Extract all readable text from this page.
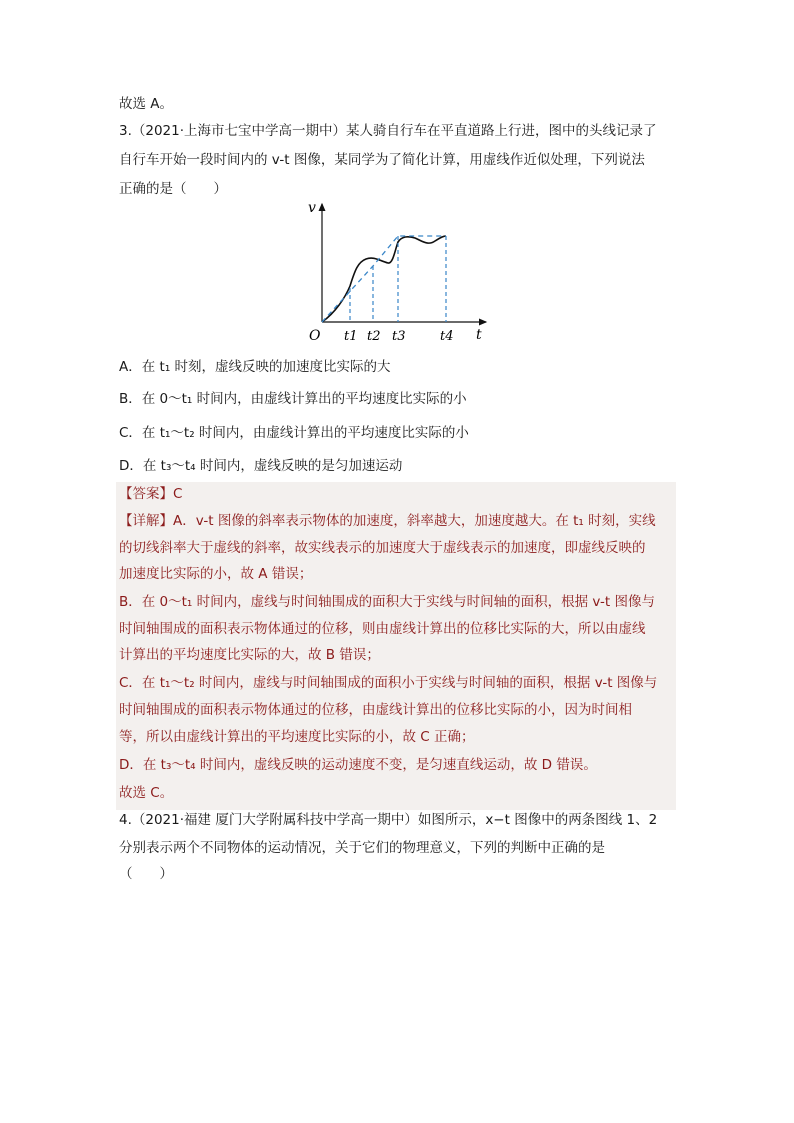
故选 A。
3.（2021·上海市七宝中学高一期中）某人骑自行车在平直道路上行进，图中的头线记录了
自行车开始一段时间内的 v-t 图像，某同学为了简化计算，用虚线作近似处理，下列说法
正确的是（　　）
v
t
O t1 t2 t3	t4
A．在 t₁ 时刻，虚线反映的加速度比实际的大
B．在 0～t₁ 时间内，由虚线计算出的平均速度比实际的小
C．在 t₁～t₂ 时间内，由虚线计算出的平均速度比实际的小
D．在 t₃～t₄ 时间内，虚线反映的是匀加速运动
【答案】C
【详解】A．v-t 图像的斜率表示物体的加速度，斜率越大，加速度越大。在 t₁ 时刻，实线
的切线斜率大于虚线的斜率，故实线表示的加速度大于虚线表示的加速度，即虚线反映的
加速度比实际的小，故 A 错误；
B．在 0～t₁ 时间内，虚线与时间轴围成的面积大于实线与时间轴的面积，根据 v-t 图像与
时间轴围成的面积表示物体通过的位移，则由虚线计算出的位移比实际的大，所以由虚线
计算出的平均速度比实际的大，故 B 错误；
C．在 t₁～t₂ 时间内，虚线与时间轴围成的面积小于实线与时间轴的面积，根据 v-t 图像与
时间轴围成的面积表示物体通过的位移，由虚线计算出的位移比实际的小，因为时间相
等，所以由虚线计算出的平均速度比实际的小，故 C 正确；
D．在 t₃～t₄ 时间内，虚线反映的运动速度不变，是匀速直线运动，故 D 错误。
故选 C。
4.（2021·福建 厦门大学附属科技中学高一期中）如图所示，x−t 图像中的两条图线 1、2
分别表示两个不同物体的运动情况，关于它们的物理意义，下列的判断中正确的是
（　　）
